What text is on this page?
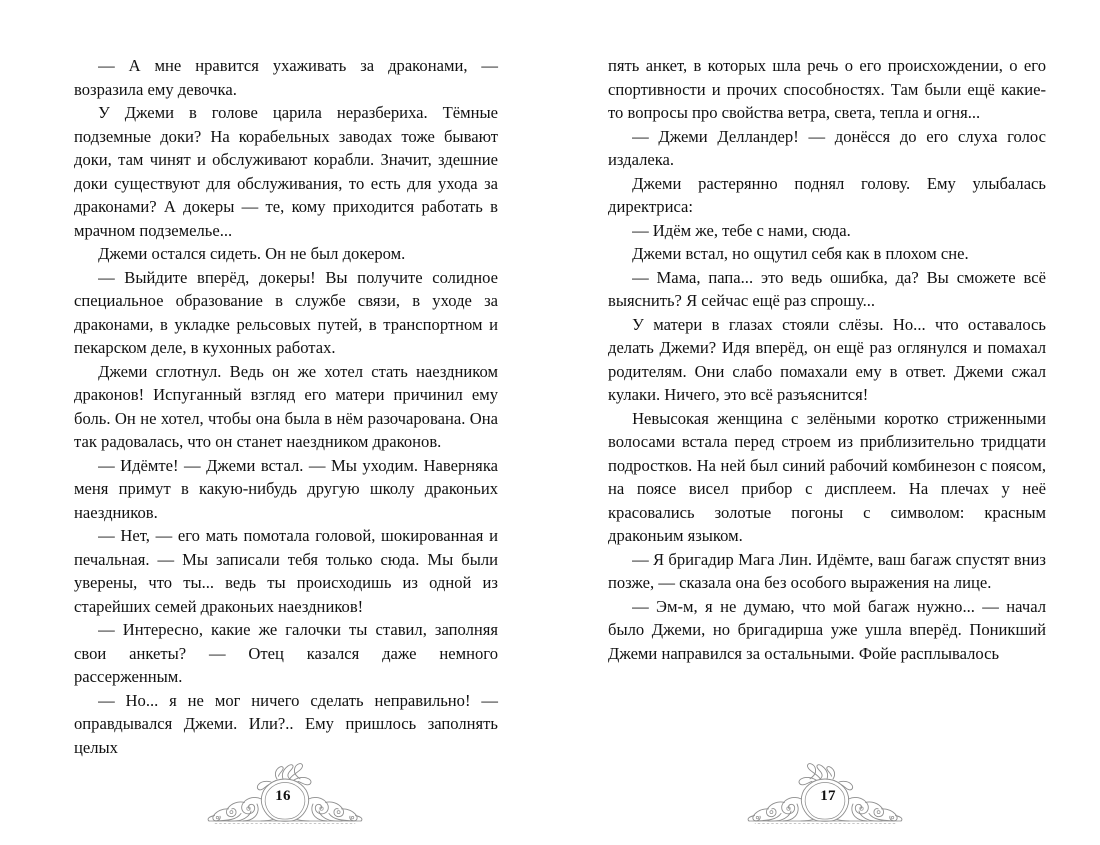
— А мне нравится ухаживать за драконами, — возразила ему девочка.

У Джеми в голове царила неразбериха. Тёмные подземные доки? На корабельных заводах тоже бывают доки, там чинят и обслуживают корабли. Значит, здешние доки существуют для обслуживания, то есть для ухода за драконами? А докеры — те, кому приходится работать в мрачном подземелье...

Джеми остался сидеть. Он не был докером.

— Выйдите вперёд, докеры! Вы получите солидное специальное образование в службе связи, в уходе за драконами, в укладке рельсовых путей, в транспортном и пекарском деле, в кухонных работах.

Джеми сглотнул. Ведь он же хотел стать наездником драконов! Испуганный взгляд его матери причинил ему боль. Он не хотел, чтобы она была в нём разочарована. Она так радовалась, что он станет наездником драконов.

— Идёмте! — Джеми встал. — Мы уходим. Наверняка меня примут в какую-нибудь другую школу драконьих наездников.

— Нет, — его мать помотала головой, шокированная и печальная. — Мы записали тебя только сюда. Мы были уверены, что ты... ведь ты происходишь из одной из старейших семей драконьих наездников!

— Интересно, какие же галочки ты ставил, заполняя свои анкеты? — Отец казался даже немного рассерженным.

— Но... я не мог ничего сделать неправильно! — оправдывался Джеми. Или?.. Ему пришлось заполнять целых

16

пять анкет, в которых шла речь о его происхождении, о его спортивности и прочих способностях. Там были ещё какие-то вопросы про свойства ветра, света, тепла и огня...

— Джеми Делландер! — донёсся до его слуха голос издалека.

Джеми растерянно поднял голову. Ему улыбалась директриса:

— Идём же, тебе с нами, сюда.

Джеми встал, но ощутил себя как в плохом сне.

— Мама, папа... это ведь ошибка, да? Вы сможете всё выяснить? Я сейчас ещё раз спрошу...

У матери в глазах стояли слёзы. Но... что оставалось делать Джеми? Идя вперёд, он ещё раз оглянулся и помахал родителям. Они слабо помахали ему в ответ. Джеми сжал кулаки. Ничего, это всё разъяснится!

Невысокая женщина с зелёными коротко стриженными волосами встала перед строем из приблизительно тридцати подростков. На ней был синий рабочий комбинезон с поясом, на поясе висел прибор с дисплеем. На плечах у неё красовались золотые погоны с символом: красным драконьим языком.

— Я бригадир Мага Лин. Идёмте, ваш багаж спустят вниз позже, — сказала она без особого выражения на лице.

— Эм-м, я не думаю, что мой багаж нужно... — начал было Джеми, но бригадирша уже ушла вперёд. Поникший Джеми направился за остальными. Фойе расплывалось

17
